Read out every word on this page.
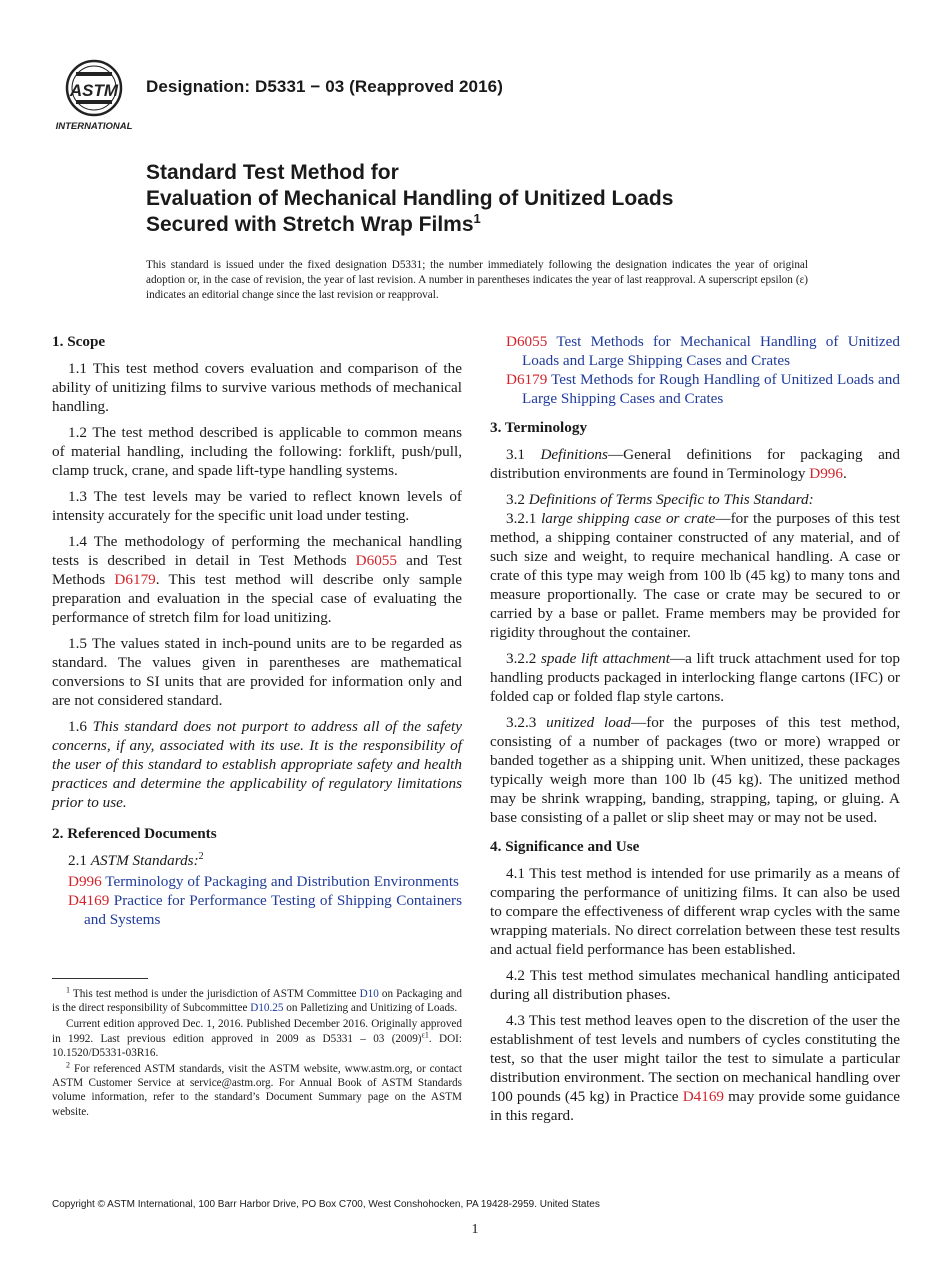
ASTM
INTERNATIONAL
Designation: D5331 − 03 (Reapproved 2016)
Standard Test Method for
Evaluation of Mechanical Handling of Unitized Loads
Secured with Stretch Wrap Films$^1$
This standard is issued under the fixed designation D5331; the number immediately following the designation indicates the year of original adoption or, in the case of revision, the year of last revision. A number in parentheses indicates the year of last reapproval. A superscript epsilon (ε) indicates an editorial change since the last revision or reapproval.
1. Scope

1.1 This test method covers evaluation and comparison of the ability of unitizing films to survive various methods of mechanical handling.

1.2 The test method described is applicable to common means of material handling, including the following: forklift, push/pull, clamp truck, crane, and spade lift-type handling systems.

1.3 The test levels may be varied to reflect known levels of intensity accurately for the specific unit load under testing.

1.4 The methodology of performing the mechanical handling tests is described in detail in Test Methods D6055 and Test Methods D6179. This test method will describe only sample preparation and evaluation in the special case of evaluating the performance of stretch film for load unitizing.

1.5 The values stated in inch-pound units are to be regarded as standard. The values given in parentheses are mathematical conversions to SI units that are provided for information only and are not considered standard.

1.6 This standard does not purport to address all of the safety concerns, if any, associated with its use. It is the responsibility of the user of this standard to establish appropriate safety and health practices and determine the applicability of regulatory limitations prior to use.

2. Referenced Documents

2.1 ASTM Standards:$^2$

D996 Terminology of Packaging and Distribution Environments

D4169 Practice for Performance Testing of Shipping Containers and Systems

$^1$ This test method is under the jurisdiction of ASTM Committee D10 on Packaging and is the direct responsibility of Subcommittee D10.25 on Palletizing and Unitizing of Loads.

Current edition approved Dec. 1, 2016. Published December 2016. Originally approved in 1992. Last previous edition approved in 2009 as D5331 – 03 $(2009)^{\varepsilon 1}$. DOI: 10.1520/D5331-03R16.

$^2$ For referenced ASTM standards, visit the ASTM website, www.astm.org, or contact ASTM Customer Service at service@astm.org. For Annual Book of ASTM Standards volume information, refer to the standard’s Document Summary page on the ASTM website.

D6055 Test Methods for Mechanical Handling of Unitized Loads and Large Shipping Cases and Crates

D6179 Test Methods for Rough Handling of Unitized Loads and Large Shipping Cases and Crates

3. Terminology

3.1 Definitions—General definitions for packaging and distribution environments are found in Terminology D996.

3.2 Definitions of Terms Specific to This Standard:

3.2.1 large shipping case or crate—for the purposes of this test method, a shipping container constructed of any material, and of such size and weight, to require mechanical handling. A case or crate of this type may weigh from 100 lb (45 kg) to many tons and measure proportionally. The case or crate may be secured to or carried by a base or pallet. Frame members may be provided for rigidity throughout the container.

3.2.2 spade lift attachment—a lift truck attachment used for top handling products packaged in interlocking flange cartons (IFC) or folded cap or folded flap style cartons.

3.2.3 unitized load—for the purposes of this test method, consisting of a number of packages (two or more) wrapped or banded together as a shipping unit. When unitized, these packages typically weigh more than 100 lb (45 kg). The unitized method may be shrink wrapping, banding, strapping, taping, or gluing. A base consisting of a pallet or slip sheet may or may not be used.

4. Significance and Use

4.1 This test method is intended for use primarily as a means of comparing the performance of unitizing films. It can also be used to compare the effectiveness of different wrap cycles with the same wrapping materials. No direct correlation between these test results and actual field performance has been established.

4.2 This test method simulates mechanical handling anticipated during all distribution phases.

4.3 This test method leaves open to the discretion of the user the establishment of test levels and numbers of cycles constituting the test, so that the user might tailor the test to simulate a particular distribution environment. The section on mechanical handling over 100 pounds (45 kg) in Practice D4169 may provide some guidance in this regard.

Copyright © ASTM International, 100 Barr Harbor Drive, PO Box C700, West Conshohocken, PA 19428-2959. United States
1
